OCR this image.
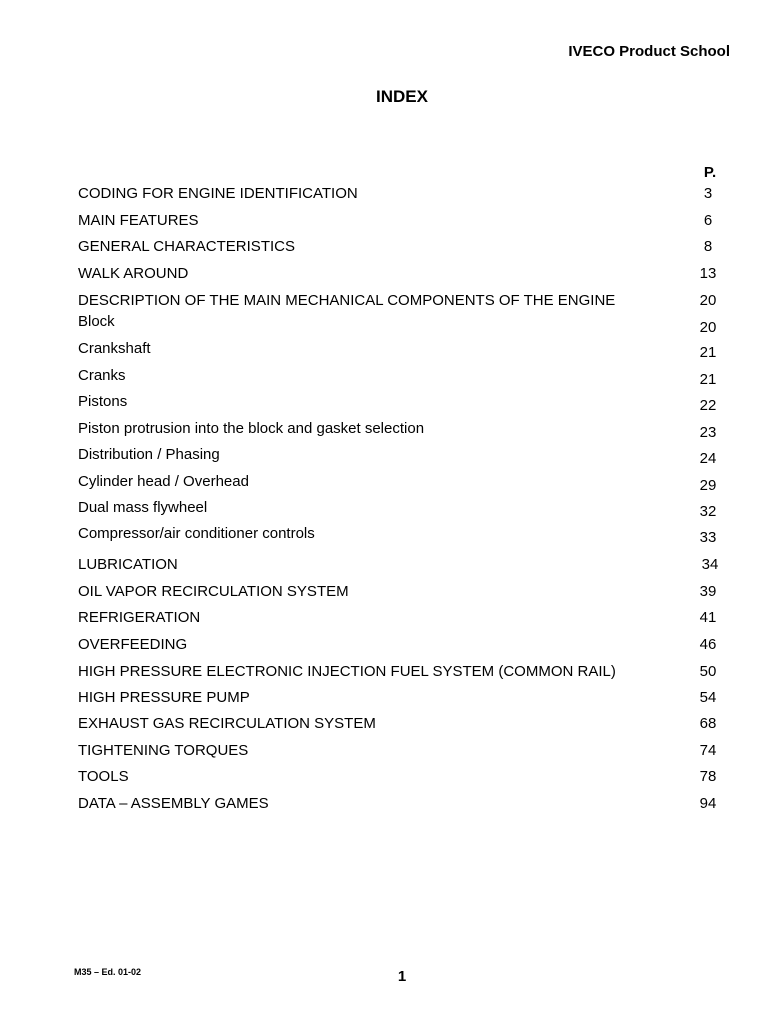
IVECO Product School
INDEX
P.
CODING FOR ENGINE IDENTIFICATION	3
MAIN FEATURES	6
GENERAL CHARACTERISTICS	8
WALK AROUND	13
DESCRIPTION OF THE MAIN MECHANICAL COMPONENTS OF THE ENGINE	20
Block	20
Crankshaft	21
Cranks	21
Pistons	22
Piston protrusion into the block and gasket selection	23
Distribution / Phasing	24
Cylinder head / Overhead	29
Dual mass flywheel	32
Compressor/air conditioner controls	33
LUBRICATION	34
OIL VAPOR RECIRCULATION SYSTEM	39
REFRIGERATION	41
OVERFEEDING	46
HIGH PRESSURE ELECTRONIC INJECTION FUEL SYSTEM (COMMON RAIL)	50
HIGH PRESSURE PUMP	54
EXHAUST GAS RECIRCULATION SYSTEM	68
TIGHTENING TORQUES	74
TOOLS	78
DATA – ASSEMBLY GAMES	94
M35 – Ed. 01-02	1
